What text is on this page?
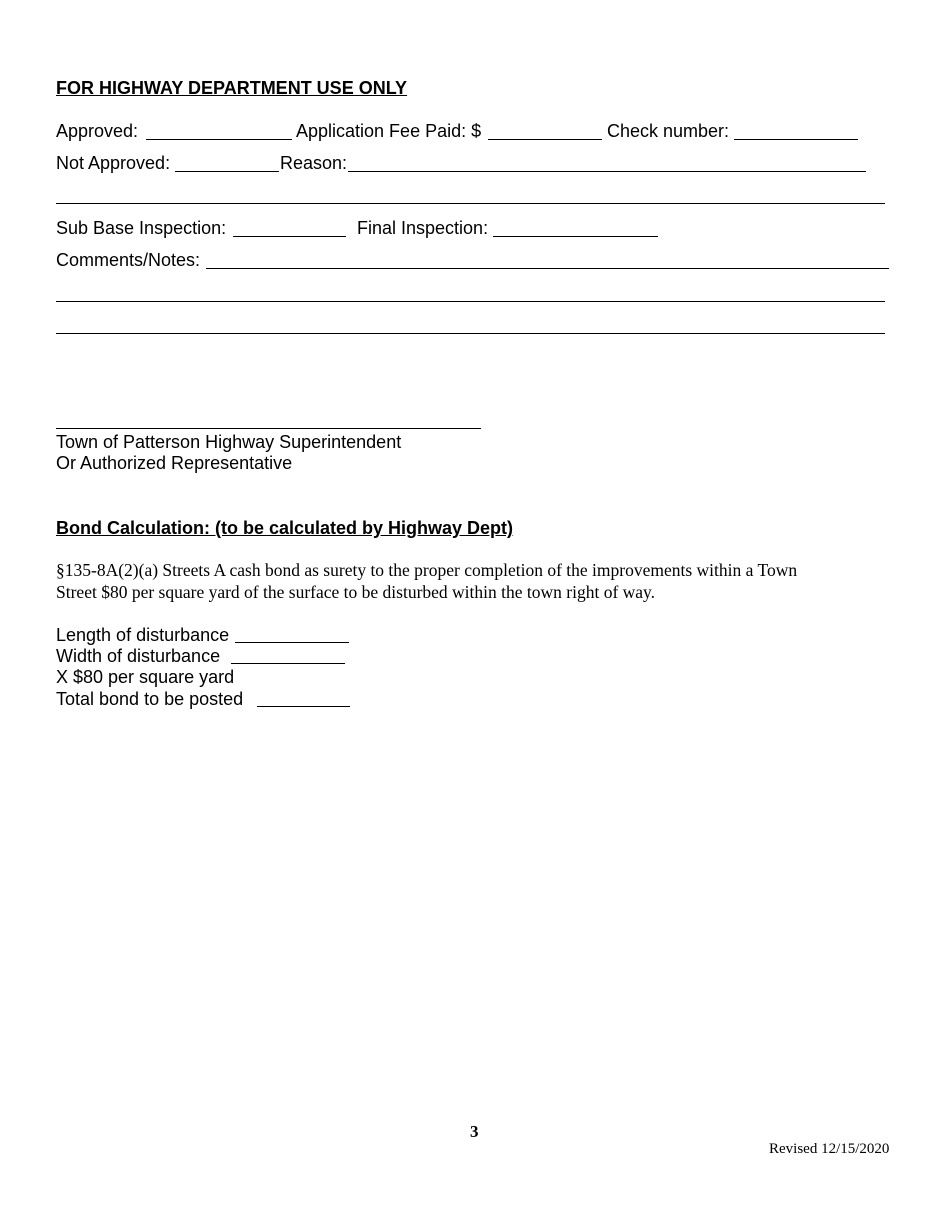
FOR HIGHWAY DEPARTMENT USE ONLY
Approved:	Application Fee Paid: $	Check number:
Not Approved:	Reason:
Sub Base Inspection:	Final Inspection:
Comments/Notes:
Town of Patterson Highway Superintendent
Or Authorized Representative
Bond Calculation: (to be calculated by Highway Dept)
§135-8A(2)(a) Streets A cash bond as surety to the proper completion of the improvements within a Town Street $80 per square yard of the surface to be disturbed within the town right of way.
Length of disturbance
Width of disturbance
X $80 per square yard
Total bond to be posted
3
Revised 12/15/2020
